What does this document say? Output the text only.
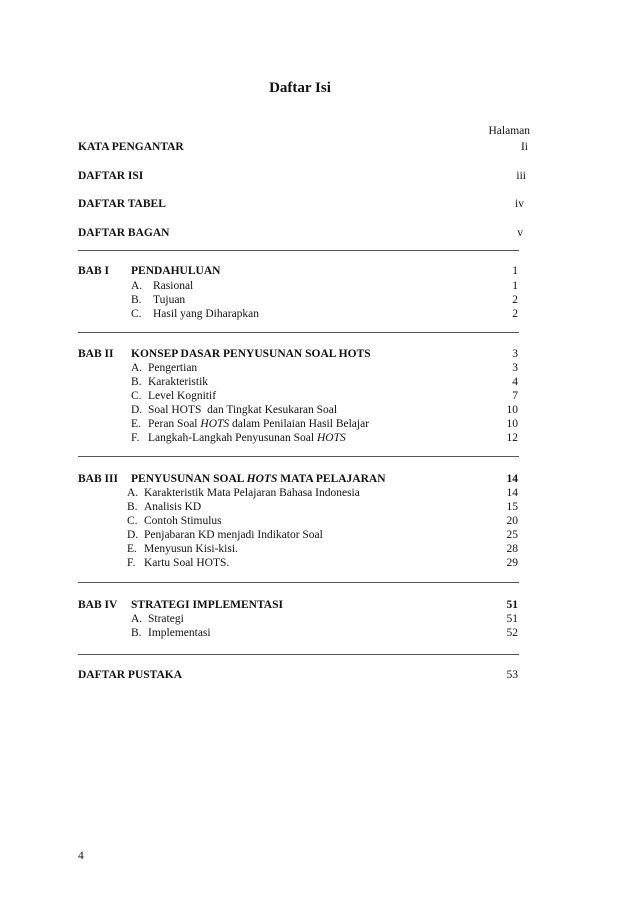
Daftar Isi
Halaman
KATA PENGANTAR	Ii
DAFTAR ISI	iii
DAFTAR TABEL	iv
DAFTAR BAGAN	v
BAB I PENDAHULUAN	1
A. Rasional	1
B. Tujuan	2
C. Hasil yang Diharapkan	2
BAB II KONSEP DASAR PENYUSUNAN SOAL HOTS	3
A. Pengertian	3
B. Karakteristik	4
C. Level Kognitif	7
D. Soal HOTS  dan Tingkat Kesukaran Soal	10
E. Peran Soal HOTS dalam Penilaian Hasil Belajar	10
F. Langkah-Langkah Penyusunan Soal HOTS	12
BAB III PENYUSUNAN SOAL HOTS MATA PELAJARAN	14
A. Karakteristik Mata Pelajaran Bahasa Indonesia	14
B. Analisis KD	15
C. Contoh Stimulus	20
D. Penjabaran KD menjadi Indikator Soal	25
E. Menyusun Kisi-kisi.	28
F. Kartu Soal HOTS.	29
BAB IV STRATEGI IMPLEMENTASI	51
A. Strategi	51
B. Implementasi	52
DAFTAR PUSTAKA	53
4
